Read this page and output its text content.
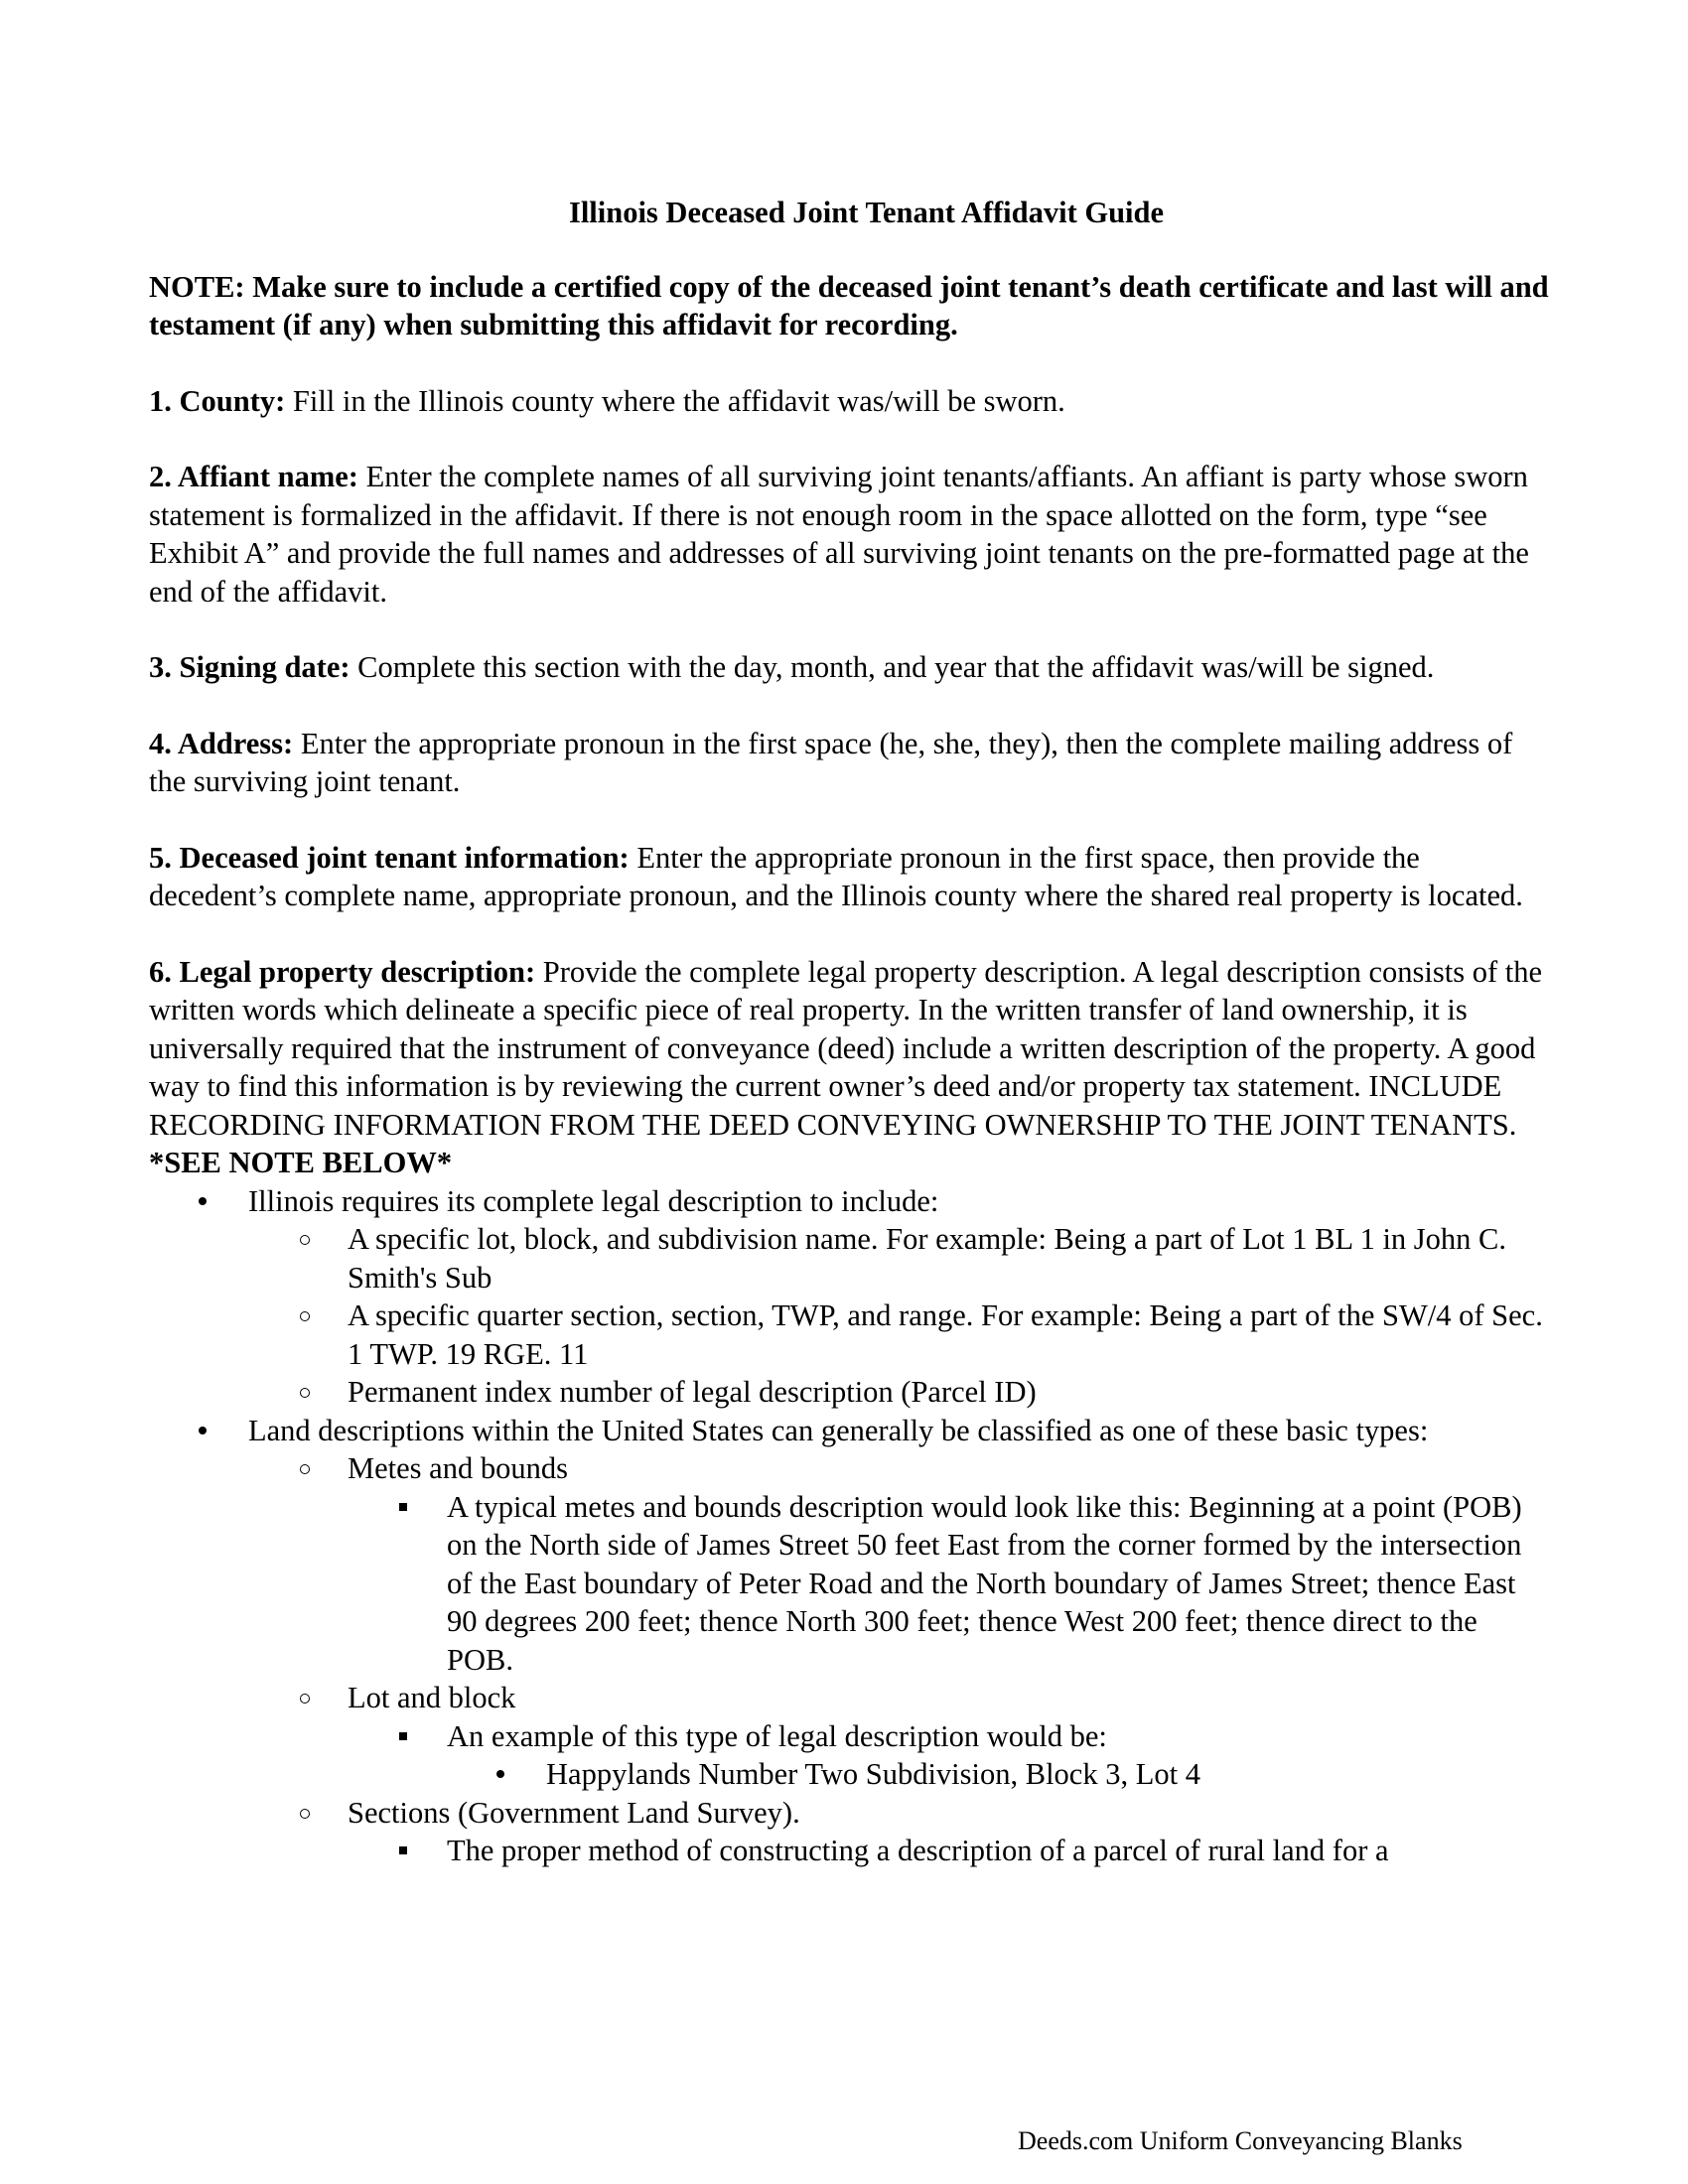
Illinois Deceased Joint Tenant Affidavit Guide

NOTE: Make sure to include a certified copy of the deceased joint tenant’s death certificate and last will and testament (if any) when submitting this affidavit for recording.

1. County: Fill in the Illinois county where the affidavit was/will be sworn.

2. Affiant name: Enter the complete names of all surviving joint tenants/affiants. An affiant is party whose sworn statement is formalized in the affidavit. If there is not enough room in the space allotted on the form, type “see Exhibit A” and provide the full names and addresses of all surviving joint tenants on the pre-formatted page at the end of the affidavit.

3. Signing date: Complete this section with the day, month, and year that the affidavit was/will be signed.

4. Address: Enter the appropriate pronoun in the first space (he, she, they), then the complete mailing address of the surviving joint tenant.

5. Deceased joint tenant information: Enter the appropriate pronoun in the first space, then provide the decedent’s complete name, appropriate pronoun, and the Illinois county where the shared real property is located.

6. Legal property description: Provide the complete legal property description. A legal description consists of the written words which delineate a specific piece of real property. In the written transfer of land ownership, it is universally required that the instrument of conveyance (deed) include a written description of the property. A good way to find this information is by reviewing the current owner’s deed and/or property tax statement. INCLUDE RECORDING INFORMATION FROM THE DEED CONVEYING OWNERSHIP TO THE JOINT TENANTS. *SEE NOTE BELOW*

Illinois requires its complete legal description to include:
A specific lot, block, and subdivision name. For example: Being a part of Lot 1 BL 1 in John C. Smith's Sub
A specific quarter section, section, TWP, and range. For example: Being a part of the SW/4 of Sec. 1 TWP. 19 RGE. 11
Permanent index number of legal description (Parcel ID)
Land descriptions within the United States can generally be classified as one of these basic types:
Metes and bounds
A typical metes and bounds description would look like this: Beginning at a point (POB) on the North side of James Street 50 feet East from the corner formed by the intersection of the East boundary of Peter Road and the North boundary of James Street; thence East 90 degrees 200 feet; thence North 300 feet; thence West 200 feet; thence direct to the POB.
Lot and block
An example of this type of legal description would be:
Happylands Number Two Subdivision, Block 3, Lot 4
Sections (Government Land Survey).
The proper method of constructing a description of a parcel of rural land for a
Deeds.com Uniform Conveyancing Blanks
